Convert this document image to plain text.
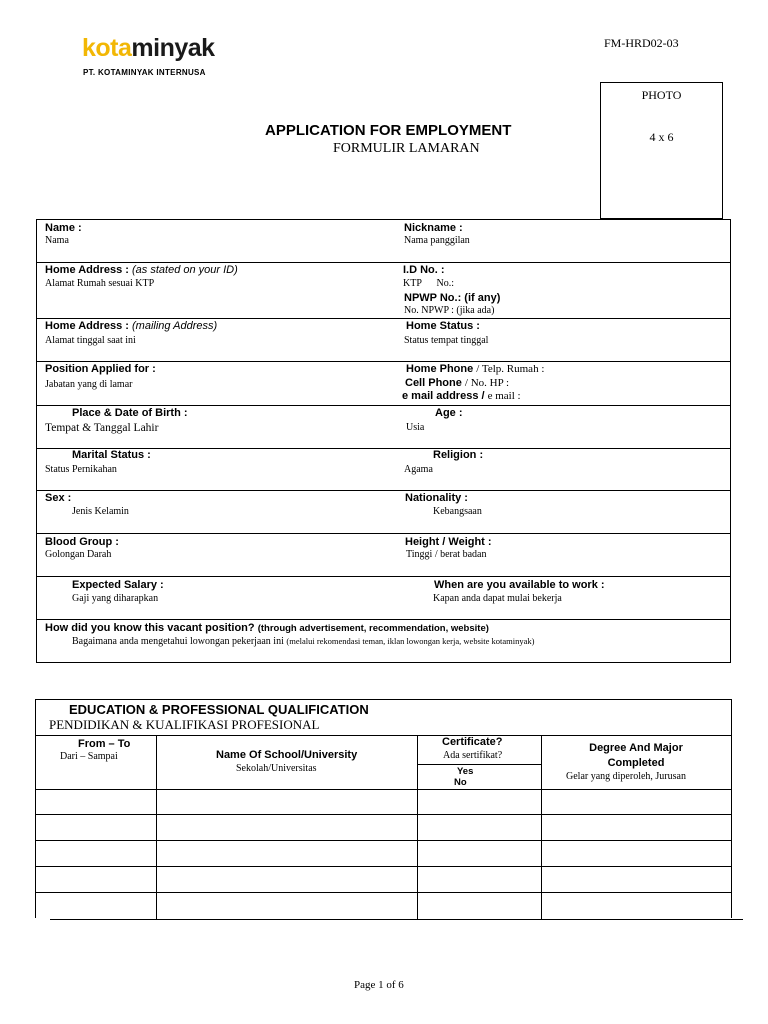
kotaminyak
PT. KOTAMINYAK INTERNUSA
FM-HRD02-03
PHOTO
4 x 6
APPLICATION FOR EMPLOYMENT
FORMULIR LAMARAN
Name :
Nama
Nickname :
Nama panggilan
Home Address : (as stated on your ID)
Alamat Rumah sesuai KTP
I.D No. :
KTP      No.:
NPWP No.: (if any)
No. NPWP : (jika ada)
Home Address : (mailing Address)
Alamat tinggal saat ini
Home Status :
Status tempat tinggal
Position Applied for :
Jabatan yang di lamar
Home Phone / Telp. Rumah :
Cell Phone / No. HP :
e mail address / e mail :
Place & Date of Birth :
Tempat & Tanggal Lahir
Age :
Usia
Marital Status :
Status Pernikahan
Religion :
Agama
Sex :
Jenis Kelamin
Nationality :
Kebangsaan
Blood Group :
Golongan Darah
Height / Weight :
Tinggi / berat badan
Expected Salary :
Gaji yang diharapkan
When are you available to work :
Kapan anda dapat mulai bekerja
How did you know this vacant position? (through advertisement, recommendation, website)
Bagaimana anda mengetahui lowongan pekerjaan ini (melalui rekomendasi teman, iklan lowongan kerja, website kotaminyak)
EDUCATION & PROFESSIONAL QUALIFICATION
PENDIDIKAN & KUALIFIKASI PROFESIONAL
From – To
Dari – Sampai	Name Of School/University
Sekolah/Universitas
Certificate?
Ada sertifikat?
Yes
No
Degree And Major Completed
Gelar yang diperoleh, Jurusan
Page 1 of 6
